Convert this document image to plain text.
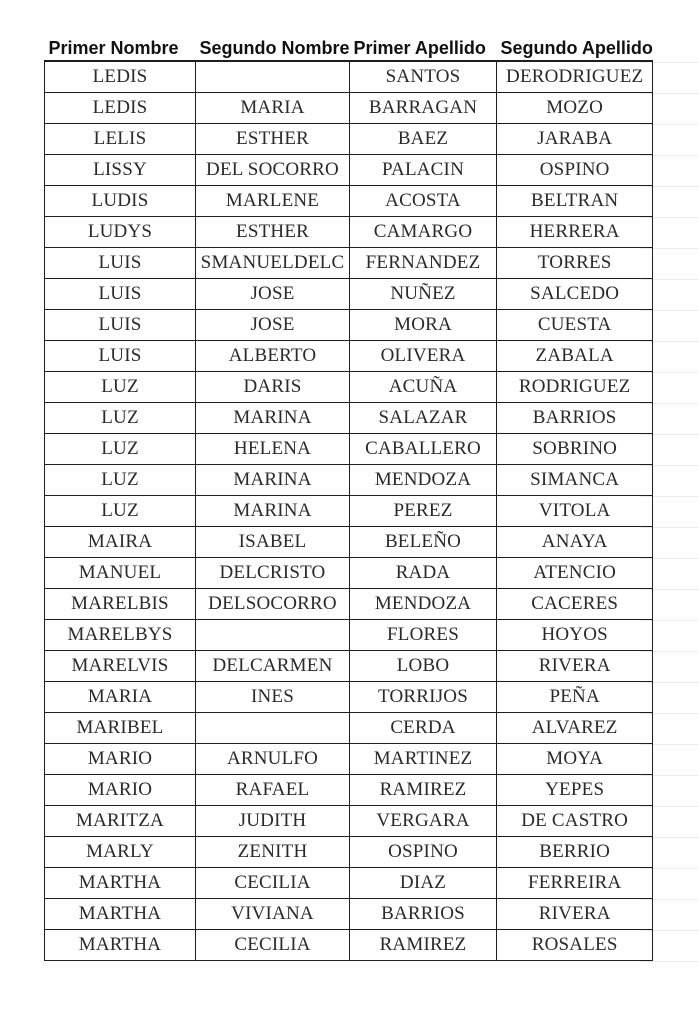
Primer Nombre	Segundo Nombre	Primer Apellido	Segundo Apellido
LEDIS		SANTOS	DERODRIGUEZ
LEDIS	MARIA	BARRAGAN	MOZO
LELIS	ESTHER	BAEZ	JARABA
LISSY	DEL SOCORRO	PALACIN	OSPINO
LUDIS	MARLENE	ACOSTA	BELTRAN
LUDYS	ESTHER	CAMARGO	HERRERA
LUIS	SMANUELDELC	FERNANDEZ	TORRES
LUIS	JOSE	NUÑEZ	SALCEDO
LUIS	JOSE	MORA	CUESTA
LUIS	ALBERTO	OLIVERA	ZABALA
LUZ	DARIS	ACUÑA	RODRIGUEZ
LUZ	MARINA	SALAZAR	BARRIOS
LUZ	HELENA	CABALLERO	SOBRINO
LUZ	MARINA	MENDOZA	SIMANCA
LUZ	MARINA	PEREZ	VITOLA
MAIRA	ISABEL	BELEÑO	ANAYA
MANUEL	DELCRISTO	RADA	ATENCIO
MARELBIS	DELSOCORRO	MENDOZA	CACERES
MARELBYS		FLORES	HOYOS
MARELVIS	DELCARMEN	LOBO	RIVERA
MARIA	INES	TORRIJOS	PEÑA
MARIBEL		CERDA	ALVAREZ
MARIO	ARNULFO	MARTINEZ	MOYA
MARIO	RAFAEL	RAMIREZ	YEPES
MARITZA	JUDITH	VERGARA	DE CASTRO
MARLY	ZENITH	OSPINO	BERRIO
MARTHA	CECILIA	DIAZ	FERREIRA
MARTHA	VIVIANA	BARRIOS	RIVERA
MARTHA	CECILIA	RAMIREZ	ROSALES
